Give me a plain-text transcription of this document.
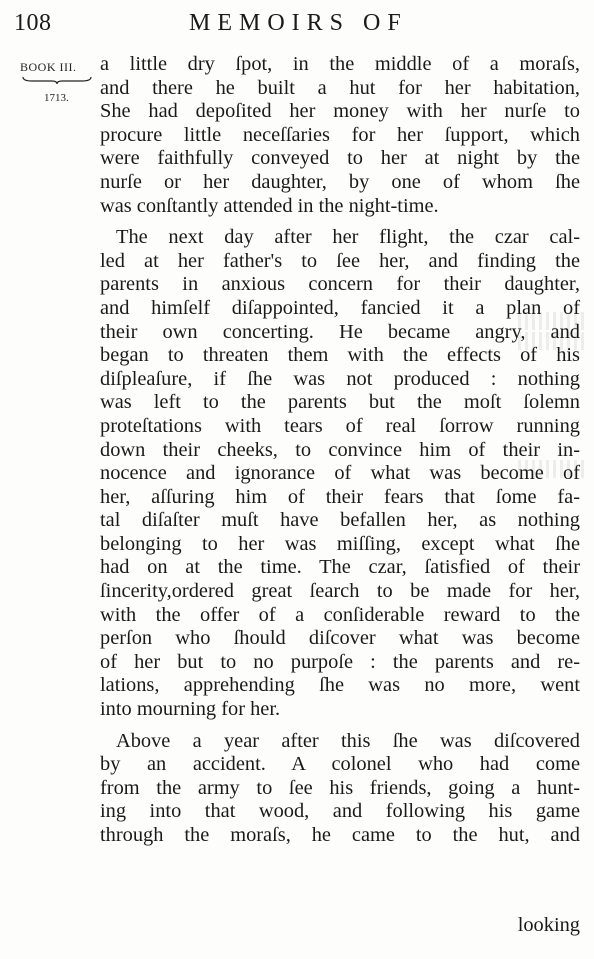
108	MEMOIRS OF
BOOK III.
1713.
a little dry ſpot, in the middle of a moraſs,
and there he built a hut for her habitation,
She had depoſited her money with her nurſe to
procure little neceſſaries for her ſupport, which
were faithfully conveyed to her at night by the
nurſe or her daughter, by one of whom ſhe
was conſtantly attended in the night-time.
The next day after her flight, the czar cal-
led at her father's to ſee her, and finding the
parents in anxious concern for their daughter,
and himſelf diſappointed, fancied it a plan of
their own concerting. He became angry, and
began to threaten them with the effects of his
diſpleaſure, if ſhe was not produced : nothing
was left to the parents but the moſt ſolemn
proteſtations with tears of real ſorrow running
down their cheeks, to convince him of their in-
nocence and ignorance of what was become of
her, aſſuring him of their fears that ſome fa-
tal diſaſter muſt have befallen her, as nothing
belonging to her was miſſing, except what ſhe
had on at the time. The czar, ſatisfied of their
ſincerity,ordered great ſearch to be made for her,
with the offer of a conſiderable reward to the
perſon who ſhould diſcover what was become
of her but to no purpoſe : the parents and re-
lations, apprehending ſhe was no more, went
into mourning for her.
Above a year after this ſhe was diſcovered
by an accident. A colonel who had come
from the army to ſee his friends, going a hunt-
ing into that wood, and following his game
through the moraſs, he came to the hut, and
looking
